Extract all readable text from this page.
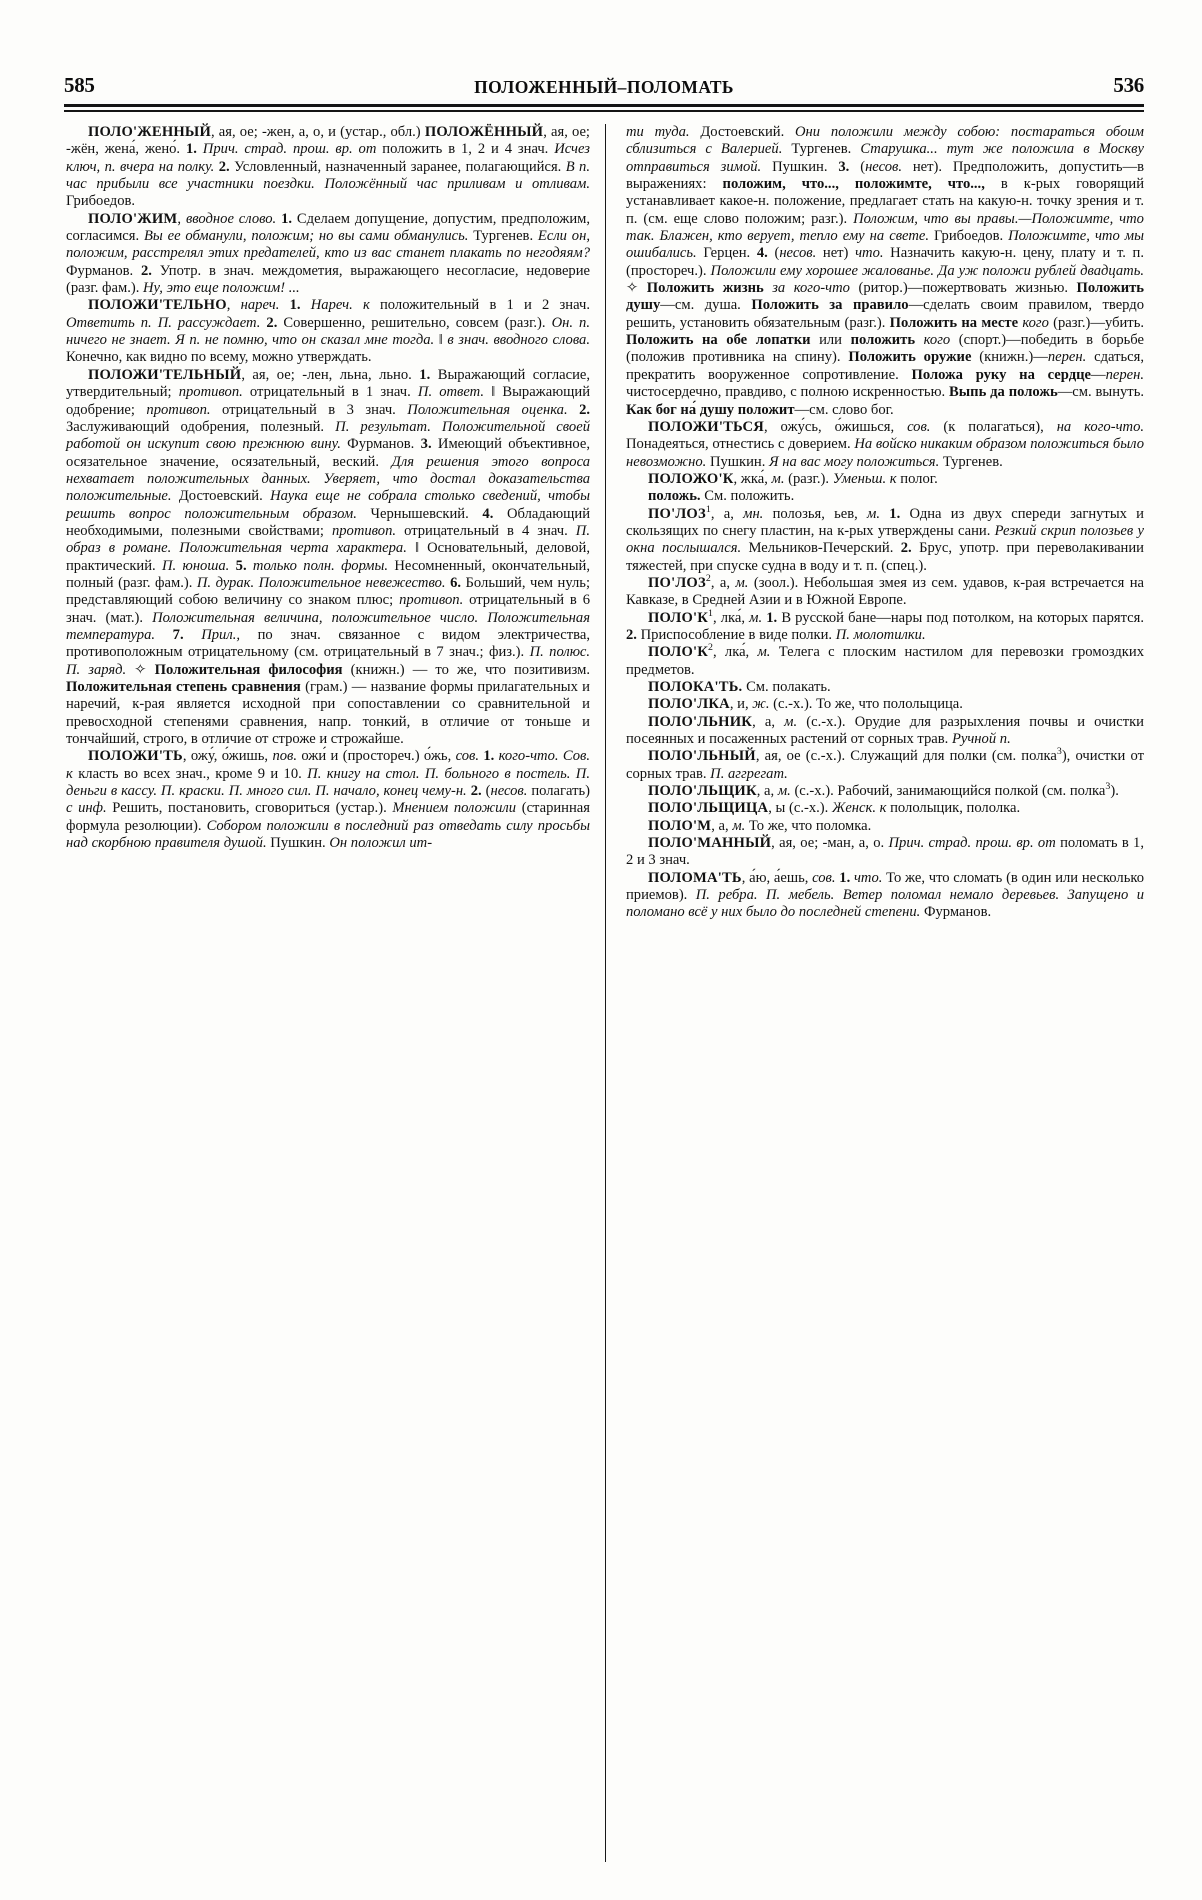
585	ПОЛОЖЕННЫЙ–ПОЛОМАТЬ	536

ПОЛО'ЖЕННЫЙ, ая, ое; -жен, а, о, и (устар., обл.) ПОЛОЖЁННЫЙ, ая, ое; -жён, жена́, жено́. 1. Прич. страд. прош. вр. от положить в 1, 2 и 4 знач. Исчез ключ, п. вчера на полку. 2. Условленный, назначенный заранее, полагающийся. В п. час прибыли все участники поездки. Положённый час приливам и отливам. Грибоедов.

ПОЛО'ЖИМ, вводное слово. 1. Сделаем допущение, допустим, предположим, согласимся. Вы ее обманули, положим; но вы сами обманулись. Тургенев. Если он, положим, расстрелял этих предателей, кто из вас станет плакать по негодяям? Фурманов. 2. Употр. в знач. междометия, выражающего несогласие, недоверие (разг. фам.). Ну, это еще положим! ...

ПОЛОЖИ'ТЕЛЬНО, нареч. 1. Нареч. к положительный в 1 и 2 знач. Ответить п. П. рассуждает. 2. Совершенно, решительно, совсем (разг.). Он. п. ничего не знает. Я п. не помню, что он сказал мне тогда. ǁ в знач. вводного слова. Конечно, как видно по всему, можно утверждать.

ПОЛОЖИ'ТЕЛЬНЫЙ, ая, ое; -лен, льна, льно. 1. Выражающий согласие, утвердительный; противоп. отрицательный в 1 знач. П. ответ. ǁ Выражающий одобрение; противоп. отрицательный в 3 знач. Положительная оценка. 2. Заслуживающий одобрения, полезный. П. результат. Положительной своей работой он искупит свою прежнюю вину. Фурманов. 3. Имеющий объективное, осязательное значение, осязательный, веский. Для решения этого вопроса нехватает положительных данных. Уверяет, что достал доказательства положительные. Достоевский. Наука еще не собрала столько сведений, чтобы решить вопрос положительным образом. Чернышевский. 4. Обладающий необходимыми, полезными свойствами; противоп. отрицательный в 4 знач. П. образ в романе. Положительная черта характера. ǁ Основательный, деловой, практический. П. юноша. 5. только полн. формы. Несомненный, окончательный, полный (разг. фам.). П. дурак. Положительное невежество. 6. Больший, чем нуль; представляющий собою величину со знаком плюс; противоп. отрицательный в 6 знач. (мат.). Положительная величина, положительное число. Положительная температура. 7. Прил., по знач. связанное с видом электричества, противоположным отрицательному (см. отрицательный в 7 знач.; физ.). П. полюс. П. заряд. ✧ Положительная философия (книжн.) — то же, что позитивизм. Положительная степень сравнения (грам.) — название формы прилагательных и наречий, к-рая является исходной при сопоставлении со сравнительной и превосходной степенями сравнения, напр. тонкий, в отличие от тоньше и тончайший, строго, в отличие от строже и строжайше.

ПОЛОЖИ'ТЬ, ожу́, о́жишь, пов. ожи́ и (простореч.) о́жь, сов. 1. кого-что. Сов. к класть во всех знач., кроме 9 и 10. П. книгу на стол. П. больного в постель. П. деньги в кассу. П. краски. П. много сил. П. начало, конец чему-н. 2. (несов. полагать) с инф. Решить, постановить, сговориться (устар.). Мнением положили (старинная формула резолюции). Собором положили в последний раз отведать силу просьбы над скорбною правителя душой. Пушкин. Он положил ит-

ти туда. Достоевский. Они положили между собою: постараться обоим сблизиться с Валерией. Тургенев. Старушка... тут же положила в Москву отправиться зимой. Пушкин. 3. (несов. нет). Предположить, допустить—в выражениях: положим, что..., положимте, что..., в к-рых говорящий устанавливает какое-н. положение, предлагает стать на какую-н. точку зрения и т. п. (см. еще слово положим; разг.). Положим, что вы правы.—Положимте, что так. Блажен, кто верует, тепло ему на свете. Грибоедов. Положимте, что мы ошибались. Герцен. 4. (несов. нет) что. Назначить какую-н. цену, плату и т. п. (простореч.). Положили ему хорошее жалованье. Да уж положи рублей двадцать. ✧ Положить жизнь за кого-что (ритор.)—пожертвовать жизнью. Положить душу—см. душа. Положить за правило—сделать своим правилом, твердо решить, установить обязательным (разг.). Положить на месте кого (разг.)—убить. Положить на обе лопатки или положить кого (спорт.)—победить в борьбе (положив противника на спину). Положить оружие (книжн.)—перен. сдаться, прекратить вооруженное сопротивление. Положа руку на сердце—перен. чистосердечно, правдиво, с полною искренностью. Выпь да положь—см. вынуть. Как бог на́ душу положит—см. слово бог.

ПОЛОЖИ'ТЬСЯ, ожу́сь, о́жишься, сов. (к полагаться), на кого-что. Понадеяться, отнестись с доверием. На войско никаким образом положиться было невозможно. Пушкин. Я на вас могу положиться. Тургенев.

ПОЛОЖО'К, жка́, м. (разг.). Уменьш. к полог.

положь. См. положить.

ПО'ЛОЗ$^1$, а, мн. полозья, ьев, м. 1. Одна из двух спереди загнутых и скользящих по снегу пластин, на к-рых утверждены сани. Резкий скрип полозьев у окна послышался. Мельников-Печерский. 2. Брус, употр. при переволакивании тяжестей, при спуске судна в воду и т. п. (спец.).

ПО'ЛОЗ$^2$, а, м. (зоол.). Небольшая змея из сем. удавов, к-рая встречается на Кавказе, в Средней Азии и в Южной Европе.

$ПОЛО'К^1$, лка́, м. 1. В русской бане—нары под потолком, на которых парятся. 2. Приспособление в виде полки. П. молотилки.

$ПОЛО'К^2$, лка́, м. Телега с плоским настилом для перевозки громоздких предметов.

ПОЛОКА'ТЬ. См. полакать.

ПОЛО'ЛКА, и, ж. (с.-х.). То же, что пололыцица.

ПОЛО'ЛЬНИК, а, м. (с.-х.). Орудие для разрыхления почвы и очистки посеянных и посаженных растений от сорных трав. Ручной п.

ПОЛО'ЛЬНЫЙ, ая, ое (с.-х.). Служащий для полки (см. полка$^3$), очистки от сорных трав. П. аггрегат.

ПОЛО'ЛЬЩИК, а, м. (с.-х.). Рабочий, занимающийся полкой (см. полка$^3$).

ПОЛО'ЛЬЩИЦА, ы (с.-х.). Женск. к пололыцик, пололка.

ПОЛО'М, а, м. То же, что поломка.

ПОЛО'МАННЫЙ, ая, ое; -ман, а, о. Прич. страд. прош. вр. от поломать в 1, 2 и 3 знач.

ПОЛОМА'ТЬ, а́ю, а́ешь, сов. 1. что. То же, что сломать (в один или несколько приемов). П. ребра. П. мебель. Ветер поломал немало деревьев. Запущено и поломано всё у них было до последней степени. Фурманов.
